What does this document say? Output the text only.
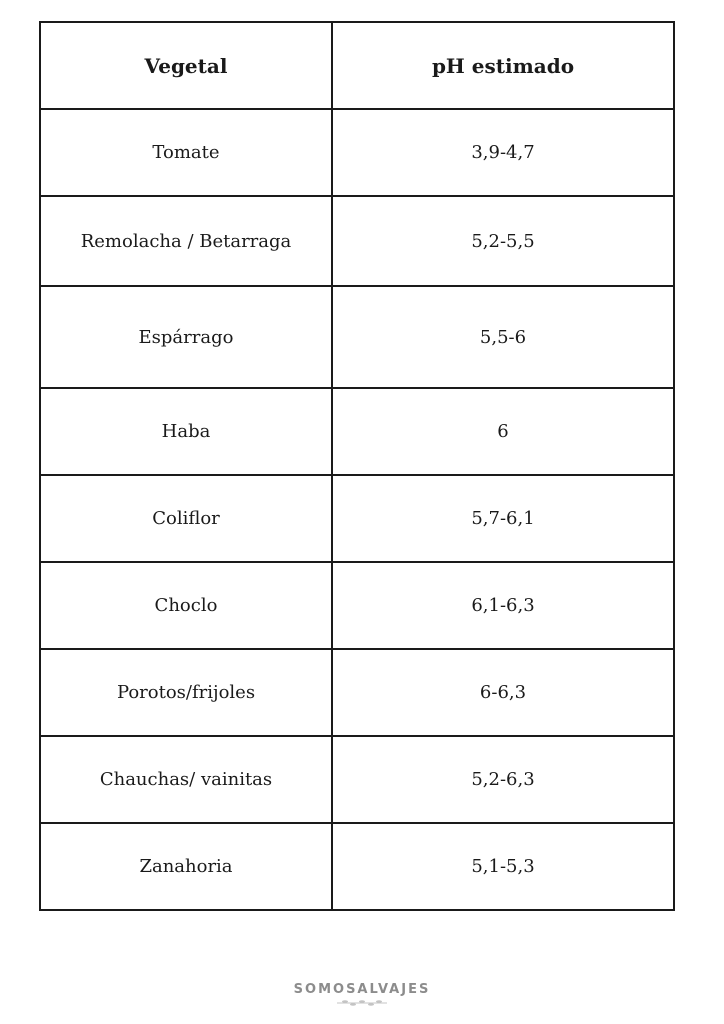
Vegetal	pH estimado
Tomate	3,9-4,7
Remolacha / Betarraga	5,2-5,5
Espárrago	5,5-6
Haba	6
Coliflor	5,7-6,1
Choclo	6,1-6,3
Porotos/frijoles	6-6,3
Chauchas/ vainitas	5,2-6,3
Zanahoria	5,1-5,3
SOMOSALVAJES
